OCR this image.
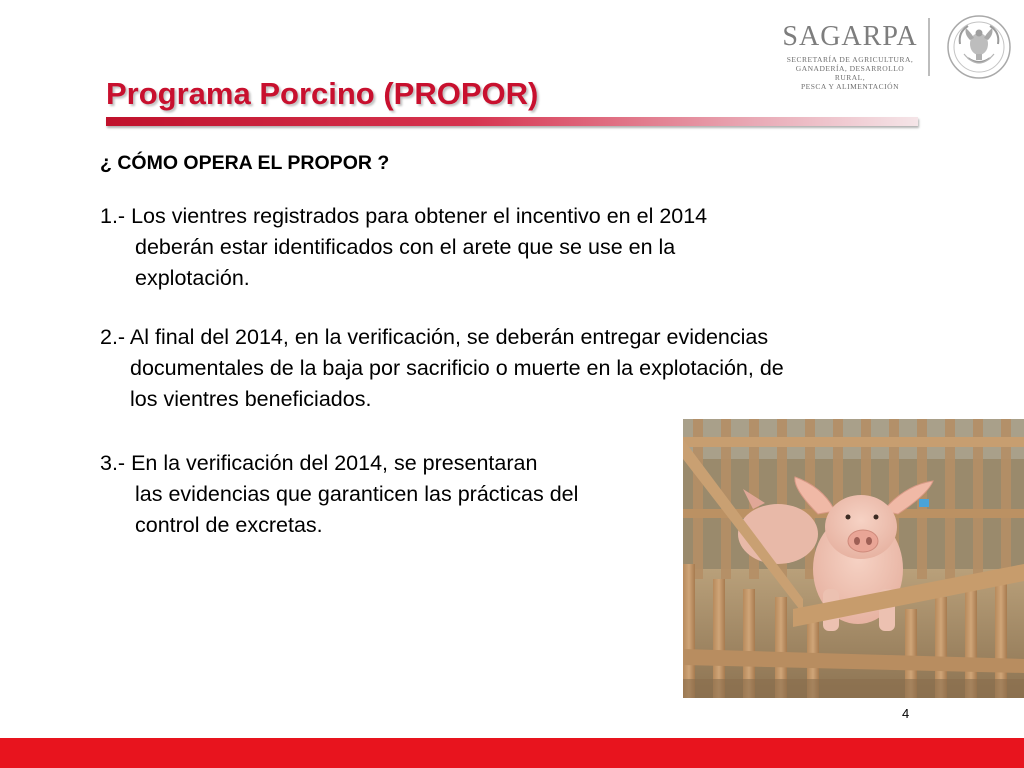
SAGARPA
SECRETARÍA DE AGRICULTURA,
GANADERÍA, DESARROLLO RURAL,
PESCA Y ALIMENTACIÓN
Programa Porcino (PROPOR)
¿ CÓMO OPERA EL PROPOR ?
1.- Los vientres registrados para obtener el incentivo en el 2014
deberán estar identificados con el arete que se use en la
explotación.
2.- Al final del 2014, en la verificación, se deberán entregar evidencias
documentales de la baja por sacrificio o muerte en la explotación, de
los vientres beneficiados.
3.- En la verificación del 2014, se presentaran
las evidencias que garanticen las prácticas del
control de excretas.
4
